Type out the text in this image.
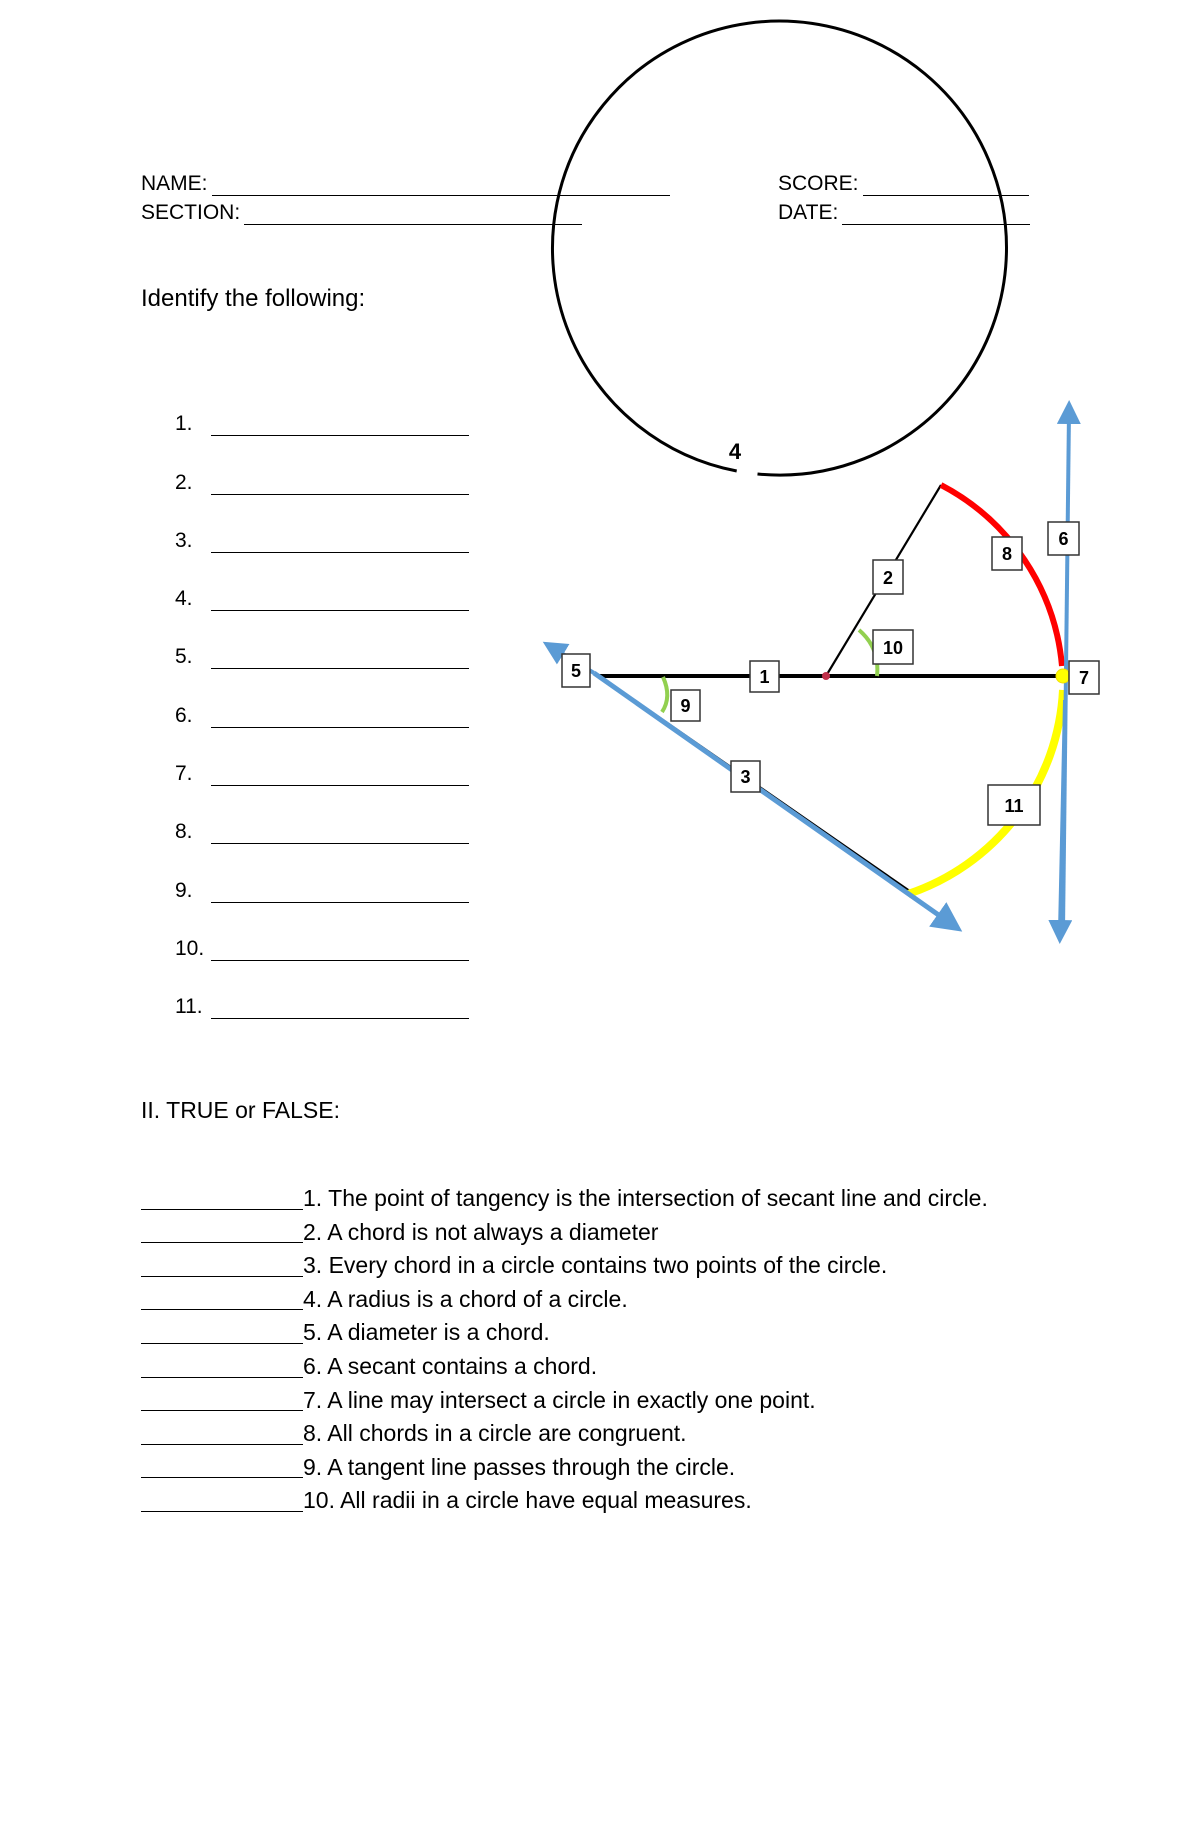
NAME:
SECTION:
SCORE:
DATE:
Identify the following:
1.
2.
3.
4.
5.
6.
7.
8.
9.
10.
11.
1
2
3
4
5
6
7
8
9
10
11
II. TRUE or FALSE:
1. The point of tangency is the intersection of secant line and circle.
2. A chord is not always a diameter
3. Every chord in a circle contains two points of the circle.
4. A radius is a chord of a circle.
5. A diameter is a chord.
6. A secant contains a chord.
7. A line may intersect a circle in exactly one point.
8. All chords in a circle are congruent.
9. A tangent line passes through the circle.
10. All radii in a circle have equal measures.
